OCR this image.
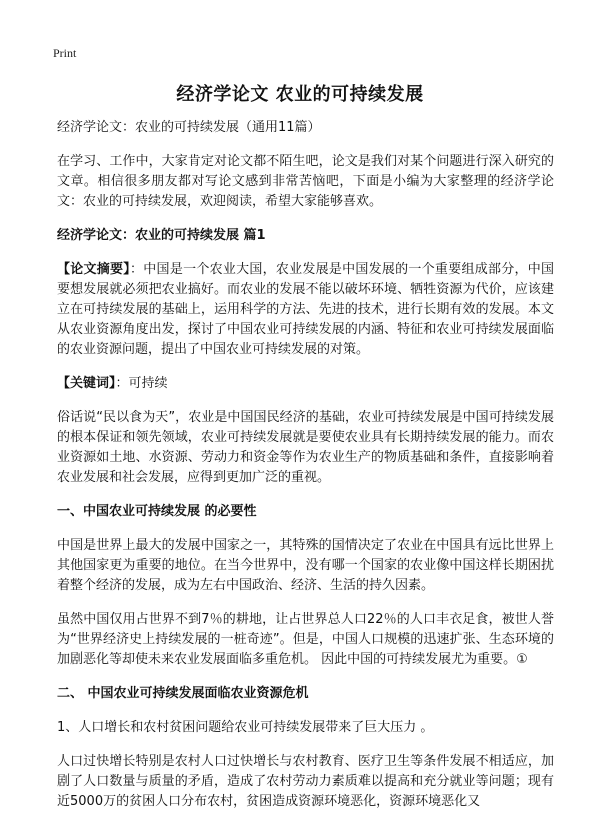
Print
经济学论文 农业的可持续发展

经济学论文：农业的可持续发展（通用11篇）

在学习、工作中，大家肯定对论文都不陌生吧，论文是我们对某个问题进行深入研究的文章。相信很多朋友都对写论文感到非常苦恼吧，下面是小编为大家整理的经济学论文：农业的可持续发展，欢迎阅读，希望大家能够喜欢。

经济学论文：农业的可持续发展 篇1

【论文摘要】：中国是一个农业大国，农业发展是中国发展的一个重要组成部分，中国要想发展就必须把农业搞好。而农业的发展不能以破坏环境、牺牲资源为代价，应该建立在可持续发展的基础上，运用科学的方法、先进的技术，进行长期有效的发展。本文从农业资源角度出发，探讨了中国农业可持续发展的内涵、特征和农业可持续发展面临的农业资源问题，提出了中国农业可持续发展的对策。

【关键词】：可持续

俗话说“民以食为天”，农业是中国国民经济的基础，农业可持续发展是中国可持续发展的根本保证和领先领域，农业可持续发展就是要使农业具有长期持续发展的能力。而农业资源如土地、水资源、劳动力和资金等作为农业生产的物质基础和条件，直接影响着农业发展和社会发展，应得到更加广泛的重视。

一、中国农业可持续发展 的必要性

中国是世界上最大的发展中国家之一，其特殊的国情决定了农业在中国具有远比世界上其他国家更为重要的地位。在当今世界中，没有哪一个国家的农业像中国这样长期困扰着整个经济的发展，成为左右中国政治、经济、生活的持久因素。

虽然中国仅用占世界不到7％的耕地，让占世界总人口22％的人口丰衣足食，被世人誉为“世界经济史上持续发展的一桩奇迹”。但是，中国人口规模的迅速扩张、生态环境的加剧恶化等却使未来农业发展面临多重危机。 因此中国的可持续发展尤为重要。①

二、 中国农业可持续发展面临农业资源危机

1、人口增长和农村贫困问题给农业可持续发展带来了巨大压力 。

人口过快增长特别是农村人口过快增长与农村教育、医疗卫生等条件发展不相适应，加剧了人口数量与质量的矛盾，造成了农村劳动力素质难以提高和充分就业等问题；现有近5000万的贫困人口分布农村，贫困造成资源环境恶化，资源环境恶化又
